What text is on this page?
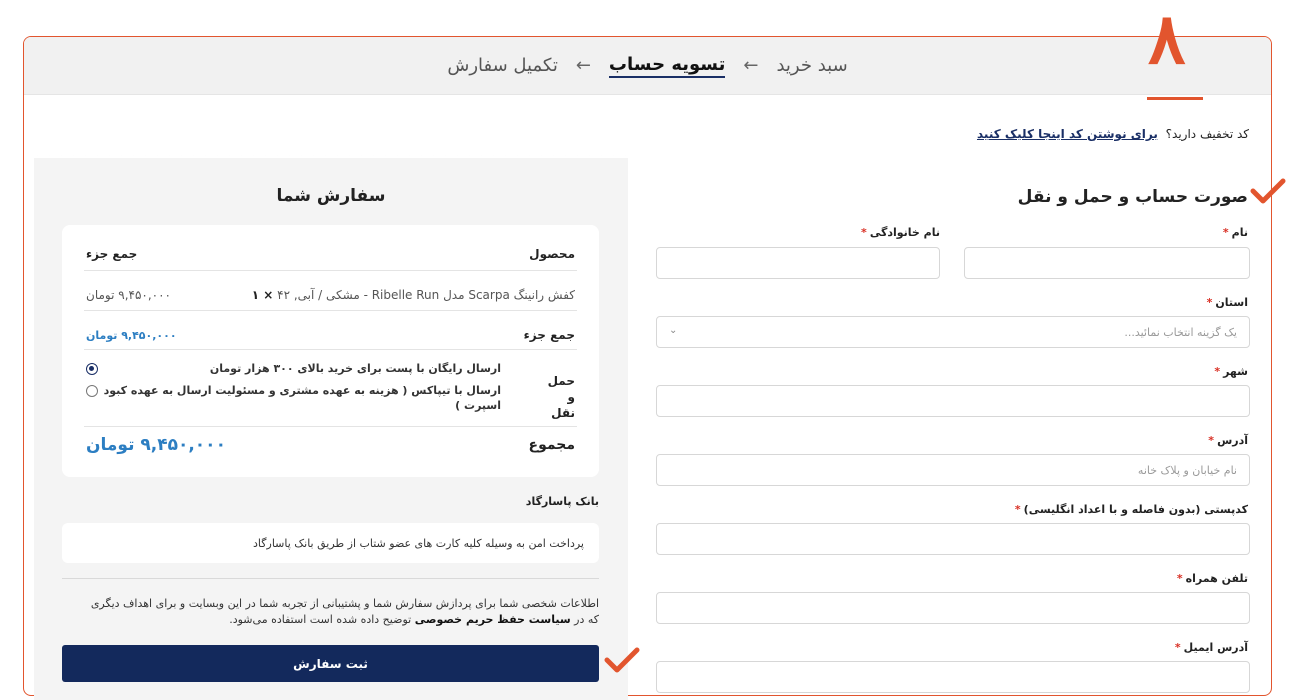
سبد خرید
←
تسویه حساب
←
تکمیل سفارش	۸
کد تخفیف دارید؟ برای نوشتن کد اینجا کلیک کنید
سفارش شما
محصول
جمع جزء
کفش رانینگ Scarpa مدل Ribelle Run - مشکی / آبی, ۴۲ × ۱
۹,۴۵۰,۰۰۰ تومان
جمع جزء
۹,۴۵۰,۰۰۰ تومان
حمل و نقل
ارسال رایگان با پست برای خرید بالای ۳۰۰ هزار تومان
ارسال با تیپاکس ( هزینه به عهده مشتری و مسئولیت ارسال به عهده کبود اسپرت )
مجموع
۹,۴۵۰,۰۰۰ تومان
بانک پاسارگاد
پرداخت امن به وسیله کلیه کارت های عضو شتاب از طریق بانک پاسارگاد
اطلاعات شخصی شما برای پردازش سفارش شما و پشتیبانی از تجربه شما در این وبسایت و برای اهداف دیگری که در سیاست حفظ حریم خصوصی توضیح داده شده است استفاده می‌شود.
ثبت سفارش
صورت حساب و حمل و نقل
نام*
نام خانوادگی*
استان*
یک گزینه انتخاب نمائید...
⌄
شهر*
آدرس*
نام خیابان و پلاک خانه
کدپستی (بدون فاصله و با اعداد انگلیسی)*
تلفن همراه*
آدرس ایمیل*
